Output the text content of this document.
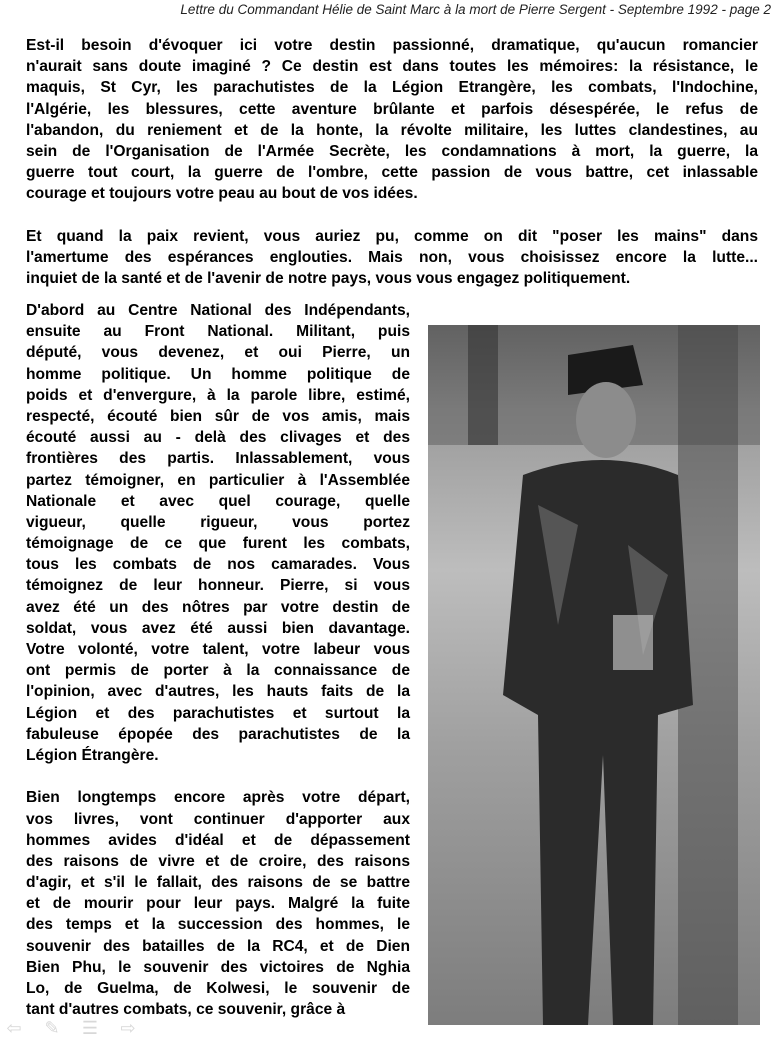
Lettre du Commandant Hélie de Saint Marc à la mort de Pierre Sergent - Septembre 1992 - page 2
Est-il besoin d'évoquer ici votre destin passionné, dramatique, qu'aucun romancier
n'aurait sans doute imaginé ? Ce destin est dans toutes les mémoires: la résistance, le
maquis, St Cyr, les parachutistes de la Légion Etrangère, les combats, l'Indochine,
l'Algérie, les blessures, cette aventure brûlante et parfois désespérée, le refus de
l'abandon, du reniement et de la honte, la révolte militaire, les luttes clandestines, au
sein de l'Organisation de l'Armée Secrète, les condamnations à mort, la guerre, la
guerre tout court, la guerre de l'ombre, cette passion de vous battre, cet inlassable
courage et toujours votre peau au bout de vos idées.
Et quand la paix revient, vous auriez pu, comme on dit "poser les mains" dans
l'amertume des espérances englouties. Mais non, vous choisissez encore la lutte...
inquiet de la santé et de l'avenir de notre pays, vous vous engagez politiquement.
D'abord au Centre National des Indépendants,
ensuite au Front National. Militant, puis
député, vous devenez, et oui Pierre, un
homme politique. Un homme politique de
poids et d'envergure, à la parole libre, estimé,
respecté, écouté bien sûr de vos amis, mais
écouté aussi au - delà des clivages et des
frontières des partis. Inlassablement, vous
partez témoigner, en particulier à l'Assemblée
Nationale et avec quel courage, quelle
vigueur, quelle rigueur, vous portez
témoignage de ce que furent les combats,
tous les combats de nos camarades. Vous
témoignez de leur honneur. Pierre, si vous
avez été un des nôtres par votre destin de
soldat, vous avez été aussi bien davantage.
Votre volonté, votre talent, votre labeur vous
ont permis de porter à la connaissance de
l'opinion, avec d'autres, les hauts faits de la
Légion et des parachutistes et surtout la
fabuleuse épopée des parachutistes de la
Légion Étrangère.
Bien longtemps encore après votre départ,
vos livres, vont continuer d'apporter aux
hommes avides d'idéal et de dépassement
des raisons de vivre et de croire, des raisons
d'agir, et s'il le fallait, des raisons de se battre
et de mourir pour leur pays. Malgré la fuite
des temps et la succession des hommes, le
souvenir des batailles de la RC4, et de Dien
Bien Phu, le souvenir des victoires de Nghia
Lo, de Guelma, de Kolwesi, le souvenir de
tant d'autres combats, ce souvenir, grâce à
⇦ ✎ ☰ ⇨
